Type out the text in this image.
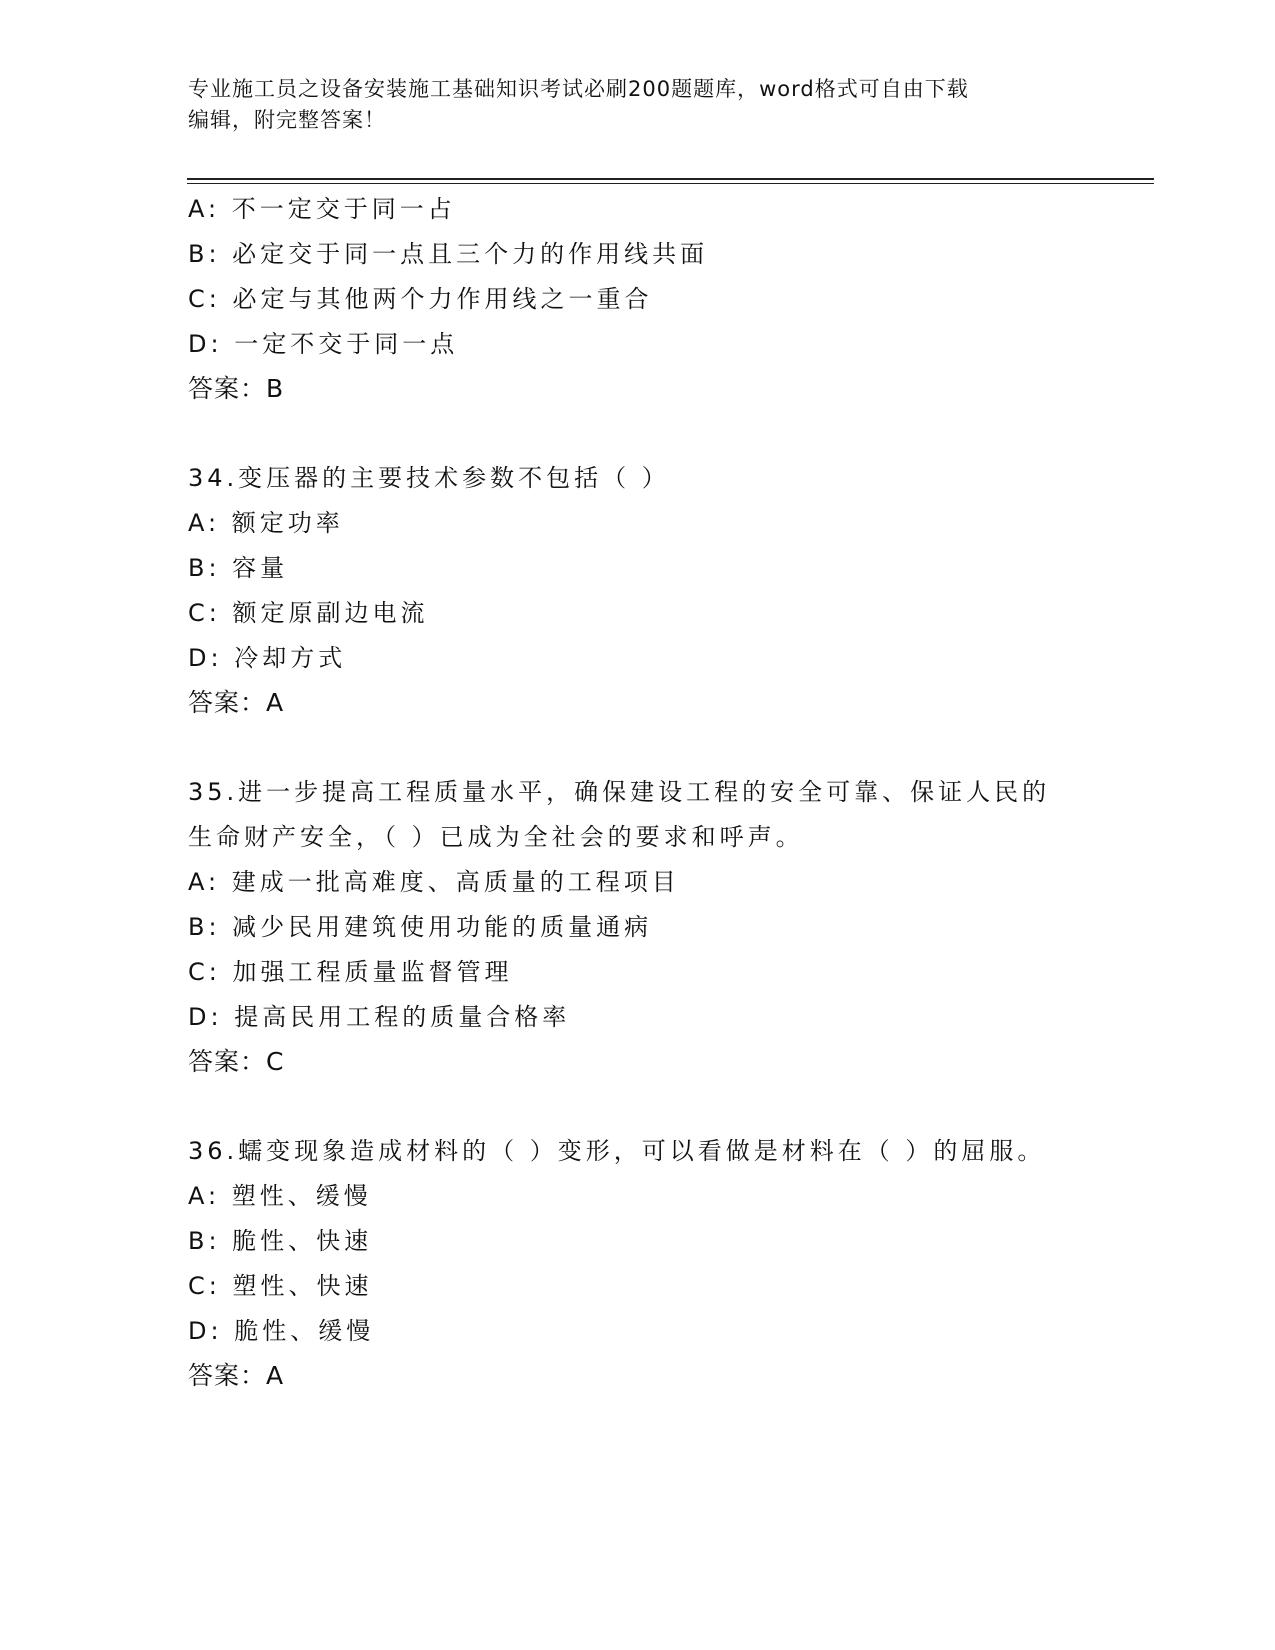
专业施工员之设备安装施工基础知识考试必刷200题题库，word格式可自由下载
编辑，附完整答案！
A: 不一定交于同一占
B: 必定交于同一点且三个力的作用线共面
C: 必定与其他两个力作用线之一重合
D: 一定不交于同一点
答案：B
34.变压器的主要技术参数不包括（ ）
A: 额定功率
B: 容量
C: 额定原副边电流
D: 冷却方式
答案：A
35.进一步提高工程质量水平，确保建设工程的安全可靠、保证人民的
生命财产安全，（ ）已成为全社会的要求和呼声。
A: 建成一批高难度、高质量的工程项目
B: 减少民用建筑使用功能的质量通病
C: 加强工程质量监督管理
D: 提高民用工程的质量合格率
答案：C
36.蠕变现象造成材料的（ ）变形，可以看做是材料在（ ）的屈服。
A: 塑性、缓慢
B: 脆性、快速
C: 塑性、快速
D: 脆性、缓慢
答案：A
